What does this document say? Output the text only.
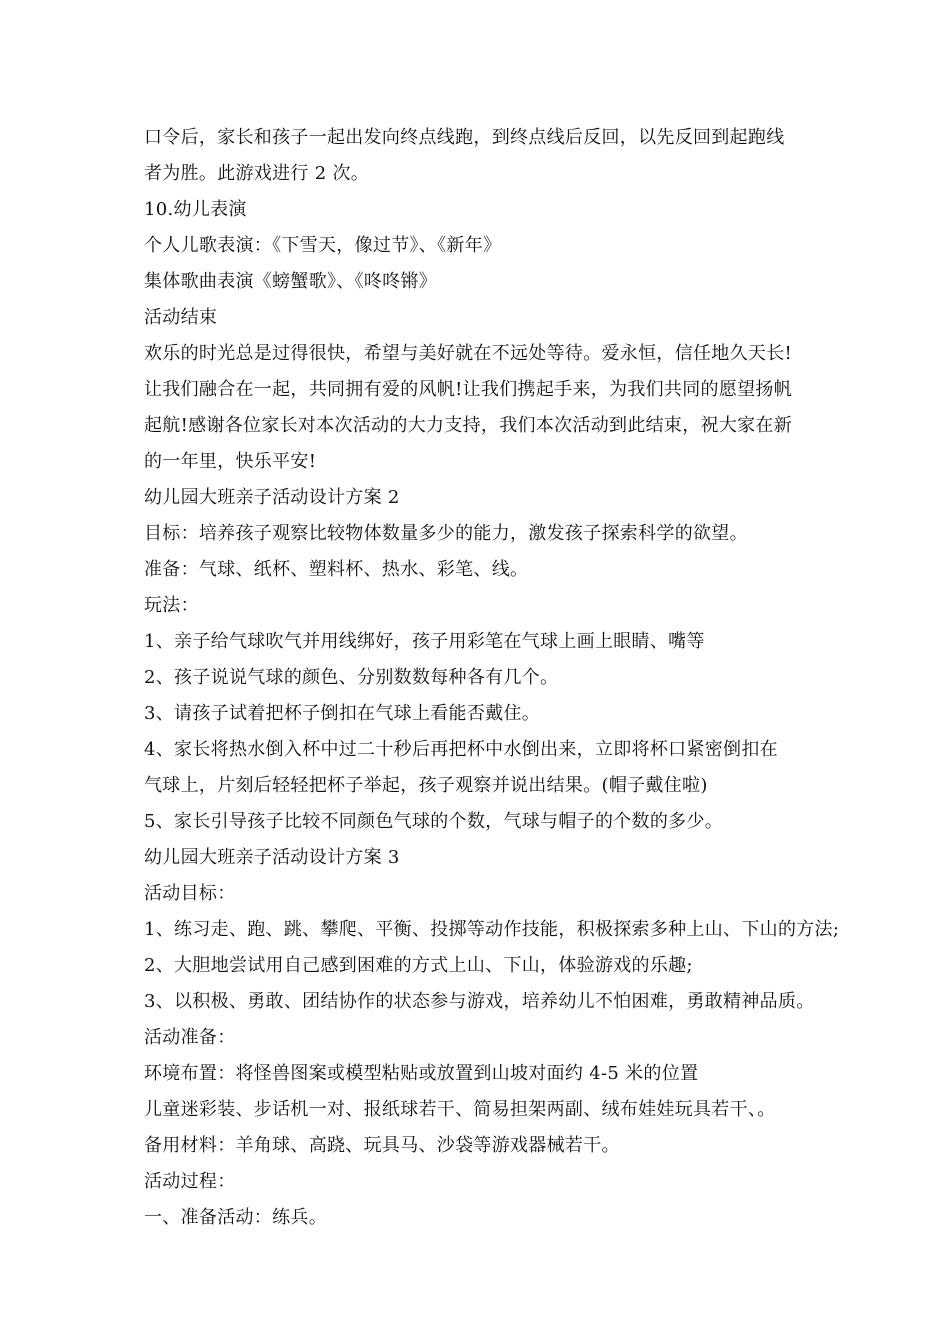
口令后，家长和孩子一起出发向终点线跑，到终点线后反回，以先反回到起跑线
者为胜。此游戏进行 2 次。
10.幼儿表演
个人儿歌表演：《下雪天，像过节》、《新年》
集体歌曲表演《螃蟹歌》、《咚咚锵》
活动结束
欢乐的时光总是过得很快，希望与美好就在不远处等待。爱永恒，信任地久天长!
让我们融合在一起，共同拥有爱的风帆!让我们携起手来，为我们共同的愿望扬帆
起航!感谢各位家长对本次活动的大力支持，我们本次活动到此结束，祝大家在新
的一年里，快乐平安!
幼儿园大班亲子活动设计方案 2
目标：培养孩子观察比较物体数量多少的能力，激发孩子探索科学的欲望。
准备：气球、纸杯、塑料杯、热水、彩笔、线。
玩法：
1、亲子给气球吹气并用线绑好，孩子用彩笔在气球上画上眼睛、嘴等
2、孩子说说气球的颜色、分别数数每种各有几个。
3、请孩子试着把杯子倒扣在气球上看能否戴住。
4、家长将热水倒入杯中过二十秒后再把杯中水倒出来，立即将杯口紧密倒扣在
气球上，片刻后轻轻把杯子举起，孩子观察并说出结果。(帽子戴住啦)
5、家长引导孩子比较不同颜色气球的个数，气球与帽子的个数的多少。
幼儿园大班亲子活动设计方案 3
活动目标：
1、练习走、跑、跳、攀爬、平衡、投掷等动作技能，积极探索多种上山、下山的方法;
2、大胆地尝试用自己感到困难的方式上山、下山，体验游戏的乐趣;
3、以积极、勇敢、团结协作的状态参与游戏，培养幼儿不怕困难，勇敢精神品质。
活动准备：
环境布置：将怪兽图案或模型粘贴或放置到山坡对面约 4-5 米的位置
儿童迷彩装、步话机一对、报纸球若干、简易担架两副、绒布娃娃玩具若干、。
备用材料：羊角球、高跷、玩具马、沙袋等游戏器械若干。
活动过程：
一、准备活动：练兵。
